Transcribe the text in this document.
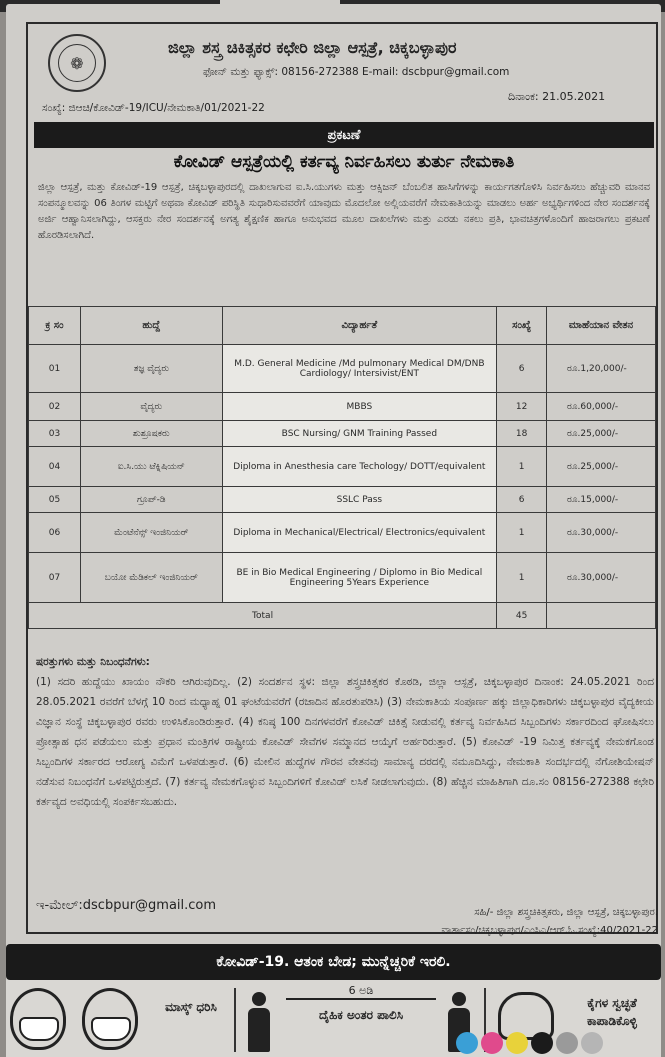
❁
ಜಿಲ್ಲಾ ಶಸ್ತ್ರ ಚಿಕಿತ್ಸಕರ ಕಛೇರಿ ಜಿಲ್ಲಾ ಆಸ್ಪತ್ರೆ, ಚಿಕ್ಕಬಳ್ಳಾಪುರ
ಫೋನ್ ಮತ್ತು ಫ್ಯಾಕ್ಸ್: 08156-272388 E-mail: dscbpur@gmail.com
ಸಂಖ್ಯೆ: ಜಿಆಚಿ/ಕೋವಿಡ್-19/ICU/ನೇಮಕಾತಿ/01/2021-22
ದಿನಾಂಕ: 21.05.2021
ಪ್ರಕಟಣೆ
ಕೋವಿಡ್ ಆಸ್ಪತ್ರೆಯಲ್ಲಿ ಕರ್ತವ್ಯ ನಿರ್ವಹಿಸಲು ತುರ್ತು ನೇಮಕಾತಿ
ಜಿಲ್ಲಾ ಆಸ್ಪತ್ರೆ, ಮತ್ತು ಕೋವಿಡ್-19 ಆಸ್ಪತ್ರೆ, ಚಿಕ್ಕಬಳ್ಳಾಪುರದಲ್ಲಿ ದಾಖಲಾಗುವ ಐ.ಸಿ.ಯುಗಳು ಮತ್ತು ಆಕ್ಸಿಜನ್ ಬೆಂಬಲಿತ ಹಾಸಿಗೆಗಳನ್ನು ಕಾರ್ಯಗತಗೊಳಿಸಿ ನಿರ್ವಹಿಸಲು ಹೆಚ್ಚುವರಿ ಮಾನವ ಸಂಪನ್ಮೂಲವನ್ನು 06 ತಿಂಗಳ ಮಟ್ಟಿಗೆ ಅಥವಾ ಕೋವಿಡ್ ಪರಿಸ್ಥಿತಿ ಸುಧಾರಿಸುವವರೆಗೆ ಯಾವುದು ಮೊದಲೋ ಅಲ್ಲಿಯವರೆಗೆ ನೇಮಕಾತಿಯನ್ನು ಮಾಡಲು ಅರ್ಹ ಅಭ್ಯರ್ಥಿಗಳಿಂದ ನೇರ ಸಂದರ್ಶನಕ್ಕೆ ಅರ್ಜಿ ಆಹ್ವಾನಿಸಲಾಗಿದ್ದು, ಆಸಕ್ತರು ನೇರ ಸಂದರ್ಶನಕ್ಕೆ ಅಗತ್ಯ ಶೈಕ್ಷಣಿಕ ಹಾಗೂ ಅನುಭವದ ಮೂಲ ದಾಖಲೆಗಳು ಮತ್ತು ಎರಡು ನಕಲು ಪ್ರತಿ, ಭಾವಚಿತ್ರಗಳೊಂದಿಗೆ ಹಾಜರಾಗಲು ಪ್ರಕಟಣೆ ಹೊರಡಿಸಲಾಗಿದೆ.
ಕ್ರ ಸಂ	ಹುದ್ದೆ	ವಿದ್ಯಾರ್ಹತೆ	ಸಂಖ್ಯೆ	ಮಾಹೆಯಾನ ವೇತನ
01	ತಜ್ಞ ವೈದ್ಯರು	M.D. General Medicine /Md pulmonary Medical DM/DNB Cardiology/ Intersivist/ENT	6	ರೂ.1,20,000/-
02	ವೈದ್ಯರು	MBBS	12	ರೂ.60,000/-
03	ಶುಶ್ರೂಷಕರು	BSC Nursing/ GNM Training Passed	18	ರೂ.25,000/-
04	ಐ.ಸಿ.ಯು ಟೆಕ್ನಿಷಿಯನ್	Diploma in Anesthesia care Techology/ DOTT/equivalent	1	ರೂ.25,000/-
05	ಗ್ರೂಪ್-ಡಿ	SSLC Pass	6	ರೂ.15,000/-
06	ಮೆಂಟೆನೆನ್ಸ್ ಇಂಜಿನಿಯರ್	Diploma in Mechanical/Electrical/ Electronics/equivalent	1	ರೂ.30,000/-
07	ಬಯೋ ಮೆಡಿಕಲ್ ಇಂಜಿನಿಯರ್	BE in Bio Medical Engineering / Diplomo in Bio Medical Engineering 5Years Experience	1	ರೂ.30,000/-
Total			45	
ಷರತ್ತುಗಳು ಮತ್ತು ನಿಬಂಧನೆಗಳು:
(1) ಸದರಿ ಹುದ್ದೆಯು ಖಾಯಂ ನೌಕರಿ ಆಗಿರುವುದಿಲ್ಲ. (2) ಸಂದರ್ಶನ ಸ್ಥಳ: ಜಿಲ್ಲಾ ಶಸ್ತ್ರಚಿಕಿತ್ಸಕರ ಕೊಠಡಿ, ಜಿಲ್ಲಾ ಆಸ್ಪತ್ರೆ, ಚಿಕ್ಕಬಳ್ಳಾಪುರ ದಿನಾಂಕ: 24.05.2021 ರಿಂದ 28.05.2021 ರವರೆಗೆ ಬೆಳಗ್ಗೆ 10 ರಿಂದ ಮಧ್ಯಾಹ್ನ 01 ಘಂಟೆಯವರೆಗೆ (ರಜಾದಿನ ಹೊರತುಪಡಿಸಿ) (3) ನೇಮಕಾತಿಯ ಸಂಪೂರ್ಣ ಹಕ್ಕು ಜಿಲ್ಲಾಧಿಕಾರಿಗಳು ಚಿಕ್ಕಬಳ್ಳಾಪುರ ವೈದ್ಯಕೀಯ ವಿಜ್ಞಾನ ಸಂಸ್ಥೆ ಚಿಕ್ಕಬಳ್ಳಾಪುರ ರವರು ಉಳಿಸಿಕೊಂಡಿರುತ್ತಾರೆ. (4) ಕನಿಷ್ಠ 100 ದಿನಗಳವರೆಗೆ ಕೋವಿಡ್ ಚಿಕಿತ್ಸೆ ನೀಡುವಲ್ಲಿ ಕರ್ತವ್ಯ ನಿರ್ವಹಿಸಿದ ಸಿಬ್ಬಂದಿಗಳು ಸರ್ಕಾರದಿಂದ ಘೋಷಿಸಲು ಪ್ರೋತ್ಸಾಹ ಧನ ಪಡೆಯಲು ಮತ್ತು ಪ್ರಧಾನ ಮಂತ್ರಿಗಳ ರಾಷ್ಟ್ರೀಯ ಕೋವಿಡ್ ಸೇವೆಗಳ ಸಮ್ಮಾನದ ಆಯ್ಕೆಗೆ ಅರ್ಹರಿರುತ್ತಾರೆ. (5) ಕೋವಿಡ್ -19 ನಿಮಿತ್ತ ಕರ್ತವ್ಯಕ್ಕೆ ನೇಮಕಗೊಂಡ ಸಿಬ್ಬಂದಿಗಳ ಸರ್ಕಾರದ ಆರೋಗ್ಯ ವಿಮೆಗೆ ಒಳಪಡುತ್ತಾರೆ. (6) ಮೇಲಿನ ಹುದ್ದೆಗಳ ಗೌರವ ವೇತನವು ಸಾಮಾನ್ಯ ದರದಲ್ಲಿ ನಮೂದಿಸಿದ್ದು, ನೇಮಕಾತಿ ಸಂದರ್ಭದಲ್ಲಿ ನೆಗೋಶಿಯೇಷನ್ ನಡೆಸುವ ನಿಬಂಧನೆಗೆ ಒಳಪಟ್ಟಿರುತ್ತದೆ. (7) ಕರ್ತವ್ಯ ನೇಮಕಗೊಳ್ಳುವ ಸಿಬ್ಬಂದಿಗಳಿಗೆ ಕೋವಿಡ್ ಲಸಿಕೆ ನೀಡಲಾಗುವುದು. (8) ಹೆಚ್ಚಿನ ಮಾಹಿತಿಗಾಗಿ ದೂ.ಸಂ 08156-272388 ಕಛೇರಿ ಕರ್ತವ್ಯದ ಅವಧಿಯಲ್ಲಿ ಸಂಪರ್ಕಿಸಬಹುದು.
ಇ-ಮೇಲ್:dscbpur@gmail.com	ಸಹಿ/- ಜಿಲ್ಲಾ ಶಸ್ತ್ರಚಿಕಿತ್ಸಕರು, ಜಿಲ್ಲಾ ಆಸ್ಪತ್ರೆ, ಚಿಕ್ಕಬಳ್ಳಾಪುರ.
ವಾರ್ತಾಸಂ/ಚಿಕ್ಕಬಳ್ಳಾಪುರ/ಎಂಸಿಎ/ಆರ್.ಓ.ಸಂಖ್ಯೆ:40/2021-22
ಕೋವಿಡ್-19. ಆತಂಕ ಬೇಡ; ಮುನ್ನೆಚ್ಚರಿಕೆ ಇರಲಿ.
ಮಾಸ್ಕ್ ಧರಿಸಿ
6 ಅಡಿ
ದೈಹಿಕ ಅಂತರ ಪಾಲಿಸಿ
ಕೈಗಳ ಸ್ವಚ್ಛತೆ ಕಾಪಾಡಿಕೊಳ್ಳಿ
